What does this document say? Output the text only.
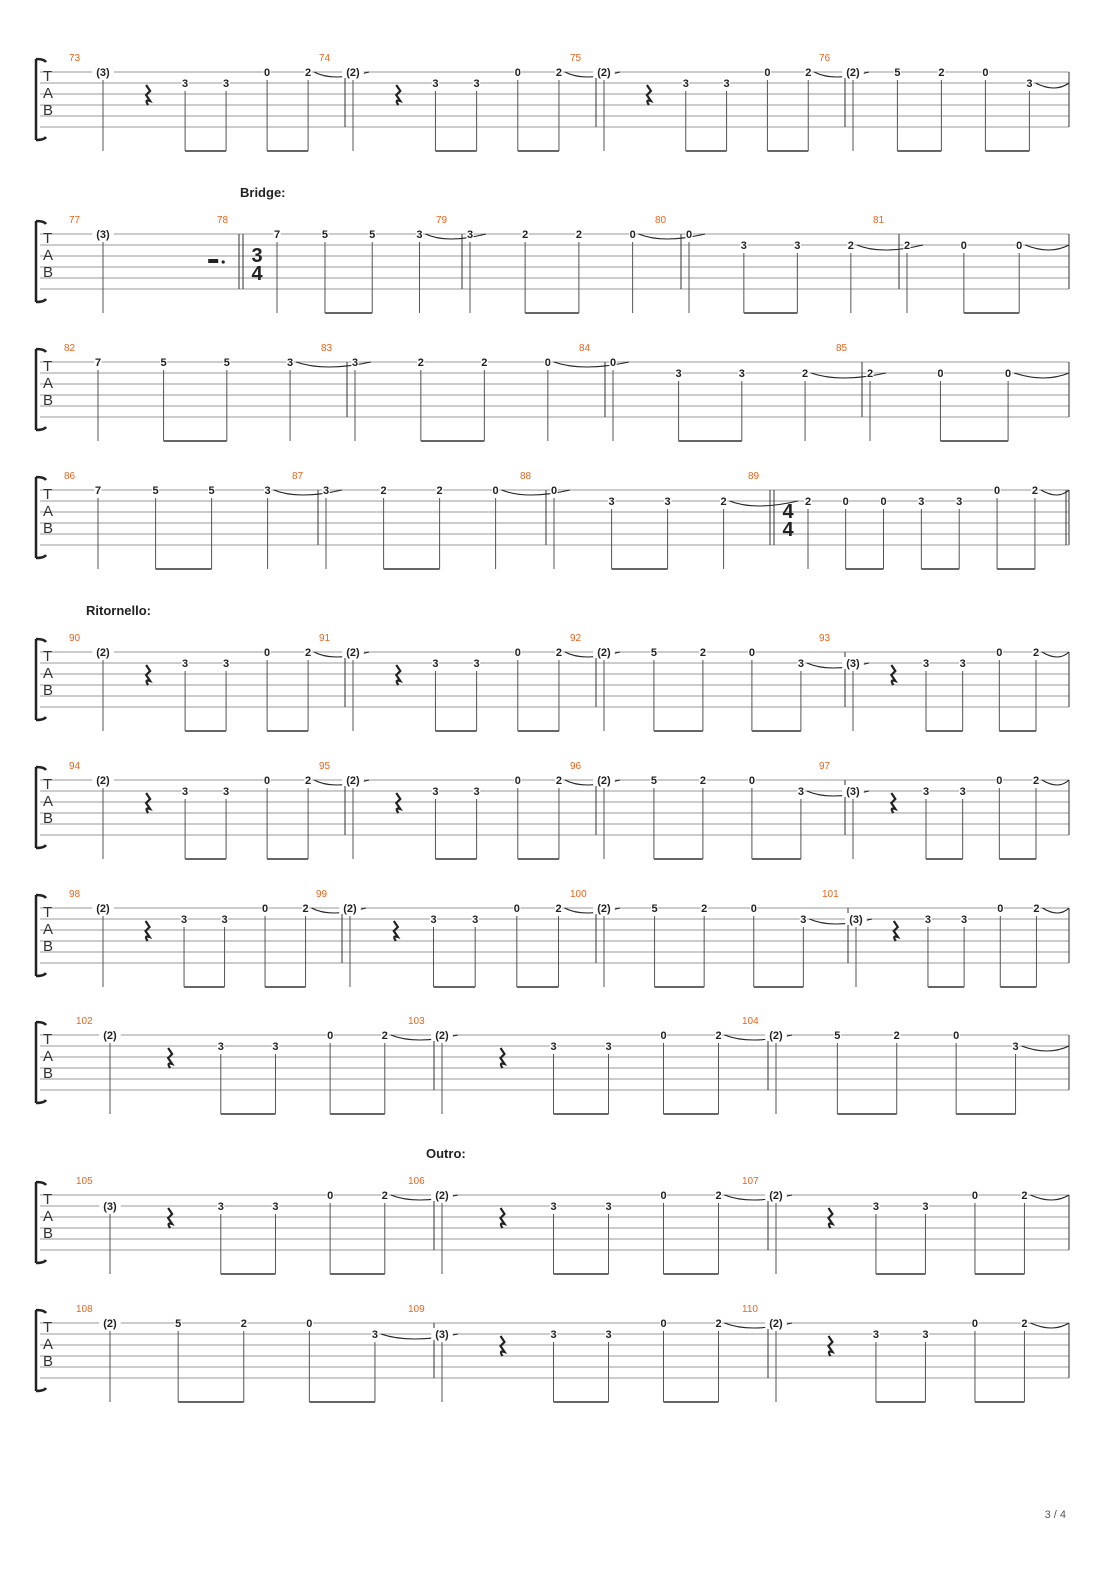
T
A
B
73
(3)
3	3
0	2
74
(2)
3	3
0	2
75
(2)
3	3
0	2
76
(2)	5	2	0
3
T
A
B
Bridge:
77
(3)
78
3
4
7	5	5	3
79
3	2	2	0
80
0
3	3	2
81
2	0	0
T
A
B
82
7	5	5	3
83
3	2	2	0
84
0
3	3	2
85
2	0	0
T
A
B
86
7	5	5	3
87
3	2	2	0
88
0
3	3	2
89
4
4
2	0	0	3	3
0	2
T
A
B
Ritornello:
90
(2)
3	3
0	2
91
(2)
3	3
0	2
92
(2)	5	2	0
3
93
(3)	3	3
0	2
T
A
B
94
(2)
3	3
0	2
95
(2)
3	3
0	2
96
(2)	5	2	0
3
97
(3)	3	3
0	2
T
A
B
98
(2)
3	3
0	2
99
(2)
3	3
0	2
100
(2)	5	2	0
3
101
(3)	3	3
0	2
T
A
B
102
(2)
3	3
0	2
103
(2)
3	3
0	2
104
(2)	5	2	0
3
T
A
B
Outro:
105
(3)	3	3
0	2
106
(2)
3	3
0	2
107
(2)
3	3
0	2
T
A
B
108
(2)	5	2	0
3
109
(3)	3	3
0	2
110
(2)
3	3
0	2
3 / 4
